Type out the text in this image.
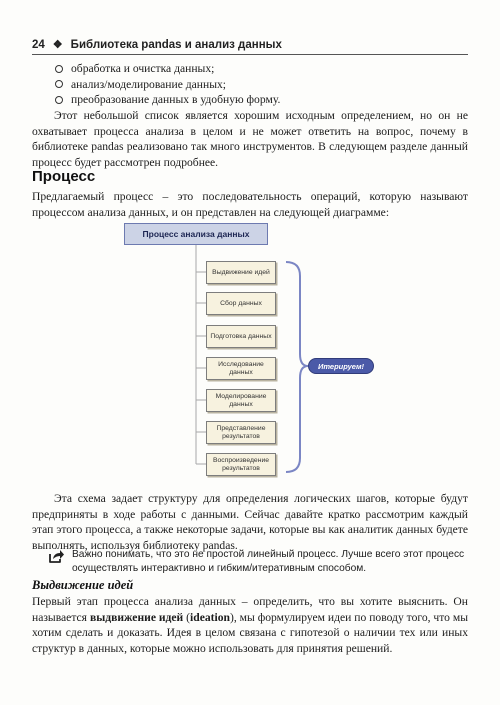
24 ❖ Библиотека pandas и анализ данных
обработка и очистка данных;
анализ/моделирование данных;
преобразование данных в удобную форму.
Этот небольшой список является хорошим исходным определением, но он не охватывает процесса анализа в целом и не может ответить на вопрос, почему в библиотеке pandas реализовано так много инструментов. В следующем разделе данный процесс будет рассмотрен подробнее.
Процесс
Предлагаемый процесс – это последовательность операций, которую называют процессом анализа данных, и он представлен на следующей диаграмме:
Процесс анализа данных
Выдвижение идей
Сбор данных
Подготовка данных
Исследование данных
Моделирование данных
Представление результатов
Воспроизведение результатов
Итерируем!
Эта схема задает структуру для определения логических шагов, которые будут предприняты в ходе работы с данными. Сейчас давайте кратко рассмотрим каждый этап этого процесса, а также некоторые задачи, которые вы как аналитик данных будете выполнять, используя библиотеку pandas.
Важно понимать, что это не простой линейный процесс. Лучше всего этот процесс осуществлять интерактивно и гибким/итеративным способом.
Выдвижение идей
Первый этап процесса анализа данных – определить, что вы хотите выяснить. Он называется выдвижение идей (ideation), мы формулируем идеи по поводу того, что мы хотим сделать и доказать. Идея в целом связана с гипотезой о наличии тех или иных структур в данных, которые можно использовать для принятия решений.
